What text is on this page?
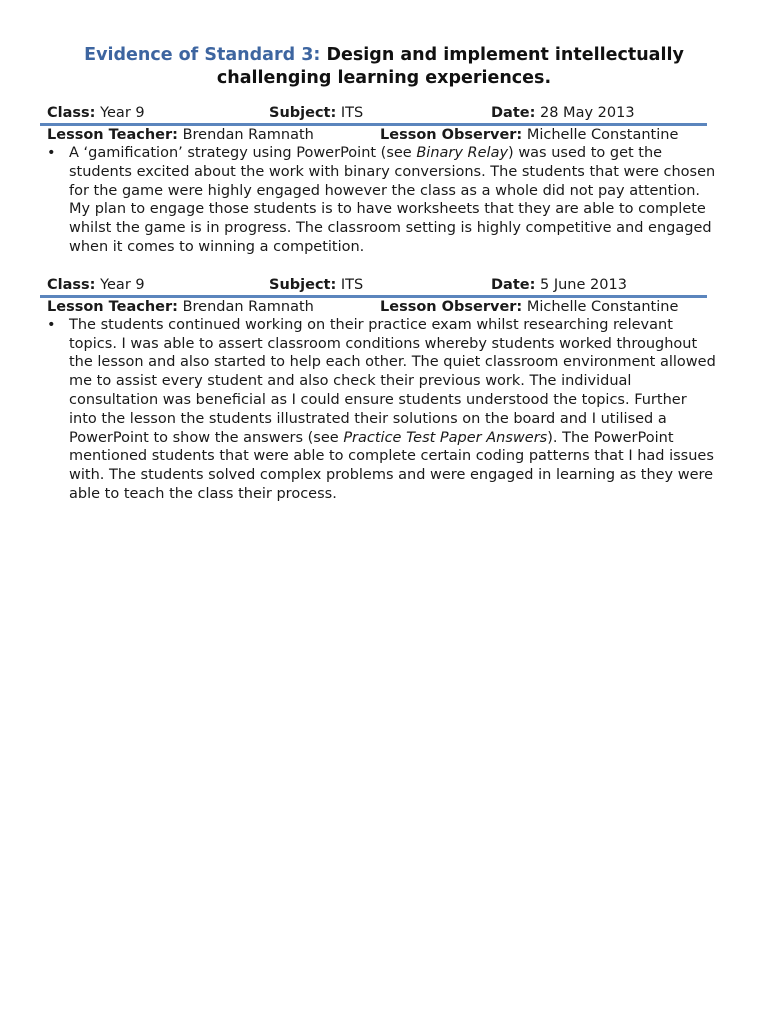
Evidence of Standard 3: Design and implement intellectually challenging learning experiences.
Class: Year 9	Subject: ITS	Date: 28 May 2013
Lesson Teacher: Brendan Ramnath	Lesson Observer: Michelle Constantine
• A ‘gamification’ strategy using PowerPoint (see Binary Relay) was used to get the students excited about the work with binary conversions. The students that were chosen for the game were highly engaged however the class as a whole did not pay attention. My plan to engage those students is to have worksheets that they are able to complete whilst the game is in progress. The classroom setting is highly competitive and engaged when it comes to winning a competition.
Class: Year 9	Subject: ITS	Date: 5 June 2013
Lesson Teacher: Brendan Ramnath	Lesson Observer: Michelle Constantine
• The students continued working on their practice exam whilst researching relevant topics. I was able to assert classroom conditions whereby students worked throughout the lesson and also started to help each other. The quiet classroom environment allowed me to assist every student and also check their previous work. The individual consultation was beneficial as I could ensure students understood the topics. Further into the lesson the students illustrated their solutions on the board and I utilised a PowerPoint to show the answers (see Practice Test Paper Answers). The PowerPoint mentioned students that were able to complete certain coding patterns that I had issues with. The students solved complex problems and were engaged in learning as they were able to teach the class their process.
